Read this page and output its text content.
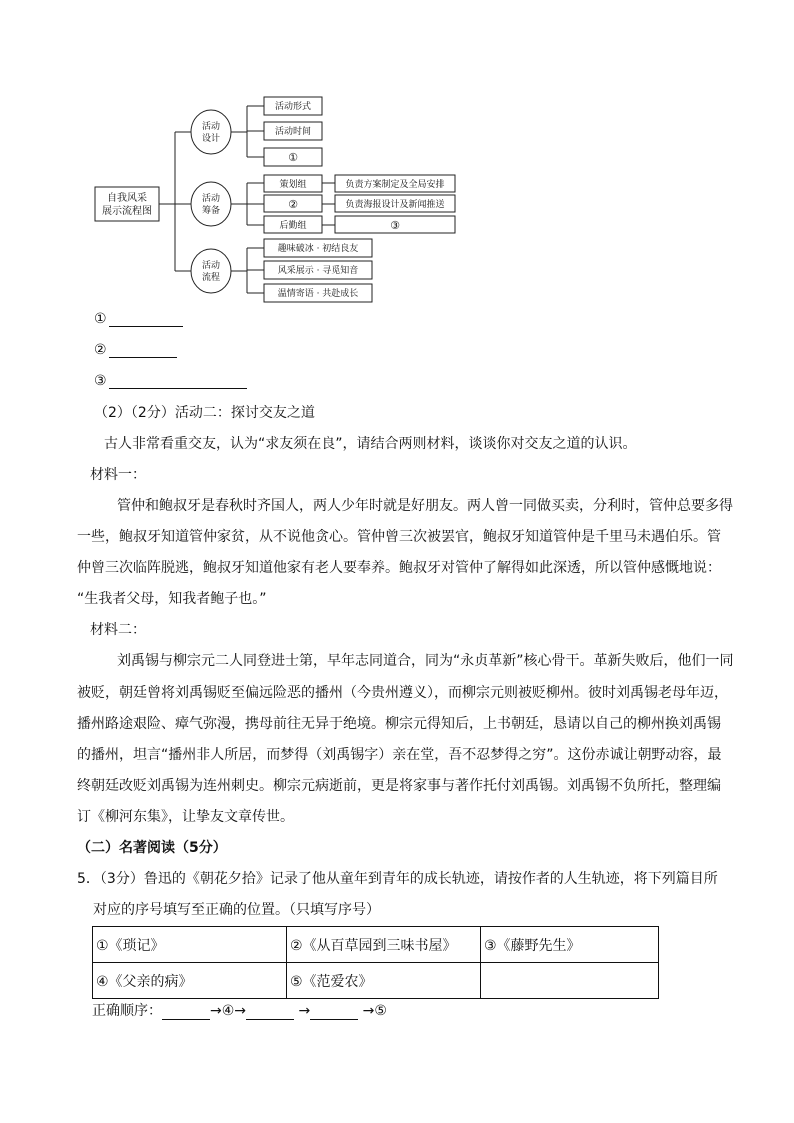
自我风采
展示流程图
活动
设计
活动
筹备
活动
流程
活动形式
活动时间
①
策划组
②
后勤组
负责方案制定及全局安排
负责海报设计及新闻推送
③
趣味破冰 · 初结良友
风采展示 · 寻觅知音
温情寄语 · 共赴成长
①
②
③
（2）（2分）活动二：探讨交友之道
古人非常看重交友，认为“求友须在良”，请结合两则材料，谈谈你对交友之道的认识。
材料一：
管仲和鲍叔牙是春秋时齐国人，两人少年时就是好朋友。两人曾一同做买卖，分利时，管仲总要多得
一些，鲍叔牙知道管仲家贫，从不说他贪心。管仲曾三次被罢官，鲍叔牙知道管仲是千里马未遇伯乐。管
仲曾三次临阵脱逃，鲍叔牙知道他家有老人要奉养。鲍叔牙对管仲了解得如此深透，所以管仲感慨地说：
“生我者父母，知我者鲍子也。”
材料二：
刘禹锡与柳宗元二人同登进士第，早年志同道合，同为“永贞革新”核心骨干。革新失败后，他们一同
被贬，朝廷曾将刘禹锡贬至偏远险恶的播州（今贵州遵义），而柳宗元则被贬柳州。彼时刘禹锡老母年迈，
播州路途艰险、瘴气弥漫，携母前往无异于绝境。柳宗元得知后，上书朝廷，恳请以自己的柳州换刘禹锡
的播州，坦言“播州非人所居，而梦得（刘禹锡字）亲在堂，吾不忍梦得之穷”。这份赤诚让朝野动容，最
终朝廷改贬刘禹锡为连州刺史。柳宗元病逝前，更是将家事与著作托付刘禹锡。刘禹锡不负所托，整理编
订《柳河东集》，让挚友文章传世。
（二）名著阅读（5分）
5．（3分）鲁迅的《朝花夕拾》记录了他从童年到青年的成长轨迹，请按作者的人生轨迹，将下列篇目所
对应的序号填写至正确的位置。（只填写序号）
①《琐记》	②《从百草园到三味书屋》	③《藤野先生》
④《父亲的病》	⑤《范爱农》	
正确顺序：	→④→	→	→⑤
